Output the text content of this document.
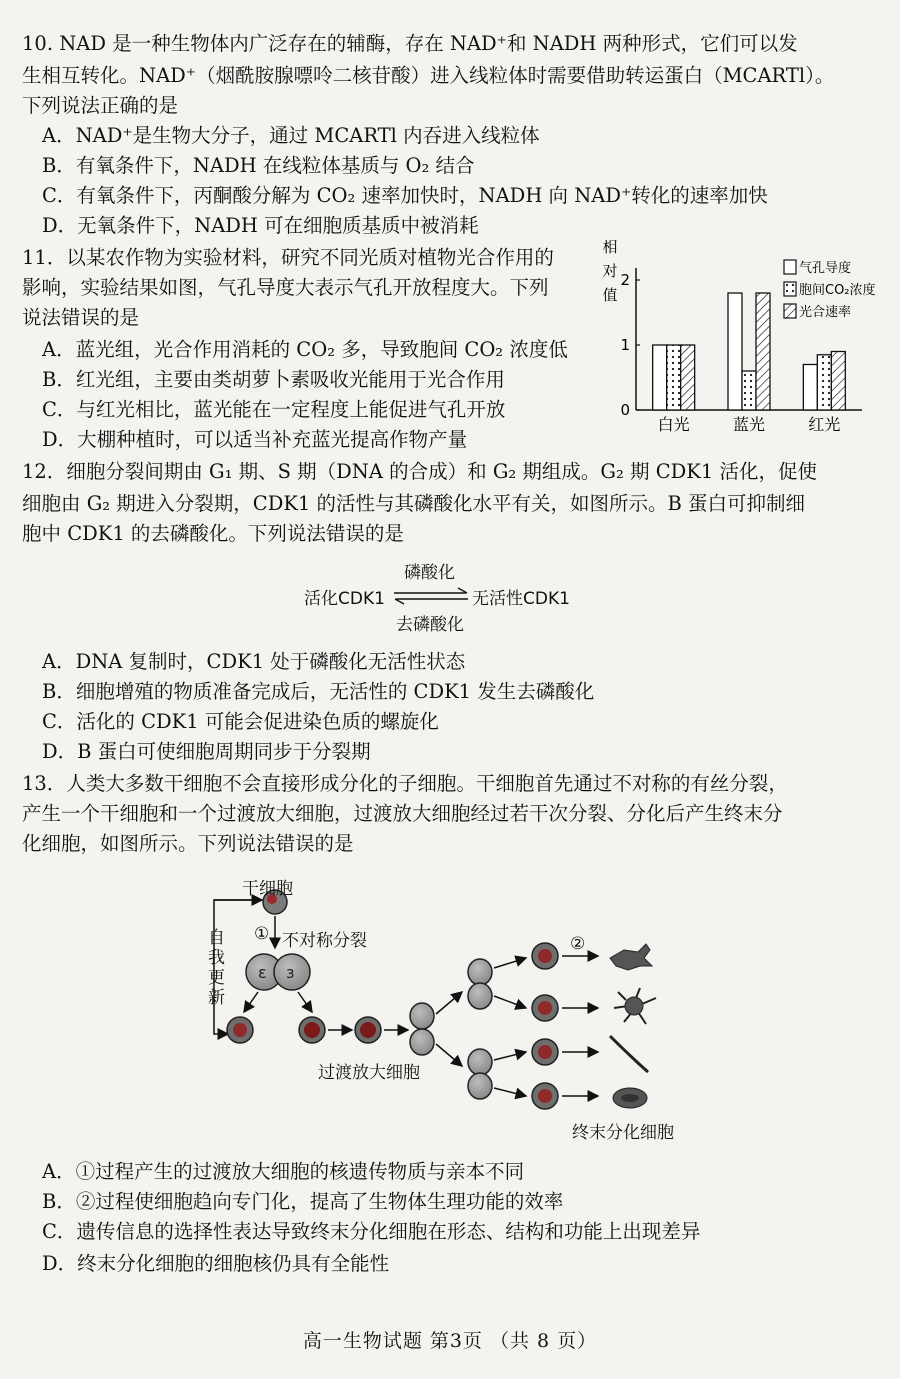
10. NAD 是一种生物体内广泛存在的辅酶，存在 NAD⁺和 NADH 两种形式，它们可以发
生相互转化。NAD⁺（烟酰胺腺嘌呤二核苷酸）进入线粒体时需要借助转运蛋白（MCARTl）。
下列说法正确的是
A．NAD⁺是生物大分子，通过 MCARTl 内吞进入线粒体
B．有氧条件下，NADH 在线粒体基质与 O₂ 结合
C．有氧条件下，丙酮酸分解为 CO₂ 速率加快时，NADH 向 NAD⁺转化的速率加快
D．无氧条件下，NADH 可在细胞质基质中被消耗
11．以某农作物为实验材料，研究不同光质对植物光合作用的
影响，实验结果如图，气孔导度大表示气孔开放程度大。下列
说法错误的是
A．蓝光组，光合作用消耗的 CO₂ 多，导致胞间 CO₂ 浓度低
B．红光组，主要由类胡萝卜素吸收光能用于光合作用
C．与红光相比，蓝光能在一定程度上能促进气孔开放
D．大棚种植时，可以适当补充蓝光提高作物产量
相
对
值
白光	蓝光	红光
0
1
2
气孔导度
胞间CO₂浓度
光合速率
12．细胞分裂间期由 G₁ 期、S 期（DNA 的合成）和 G₂ 期组成。G₂ 期 CDK1 活化，促使
细胞由 G₂ 期进入分裂期，CDK1 的活性与其磷酸化水平有关，如图所示。B 蛋白可抑制细
胞中 CDK1 的去磷酸化。下列说法错误的是
磷酸化
活化CDK1	无活性CDK1
去磷酸化
A．DNA 复制时，CDK1 处于磷酸化无活性状态
B．细胞增殖的物质准备完成后，无活性的 CDK1 发生去磷酸化
C．活化的 CDK1 可能会促进染色质的螺旋化
D．B 蛋白可使细胞周期同步于分裂期
13．人类大多数干细胞不会直接形成分化的子细胞。干细胞首先通过不对称的有丝分裂，
产生一个干细胞和一个过渡放大细胞，过渡放大细胞经过若干次分裂、分化后产生终末分
化细胞，如图所示。下列说法错误的是
ε з
干细胞
自我更新
① 不对称分裂	②
过渡放大细胞
终末分化细胞
A．①过程产生的过渡放大细胞的核遗传物质与亲本不同
B．②过程使细胞趋向专门化，提高了生物体生理功能的效率
C．遗传信息的选择性表达导致终末分化细胞在形态、结构和功能上出现差异
D．终末分化细胞的细胞核仍具有全能性
高一生物试题 第3页 （共 8 页）
